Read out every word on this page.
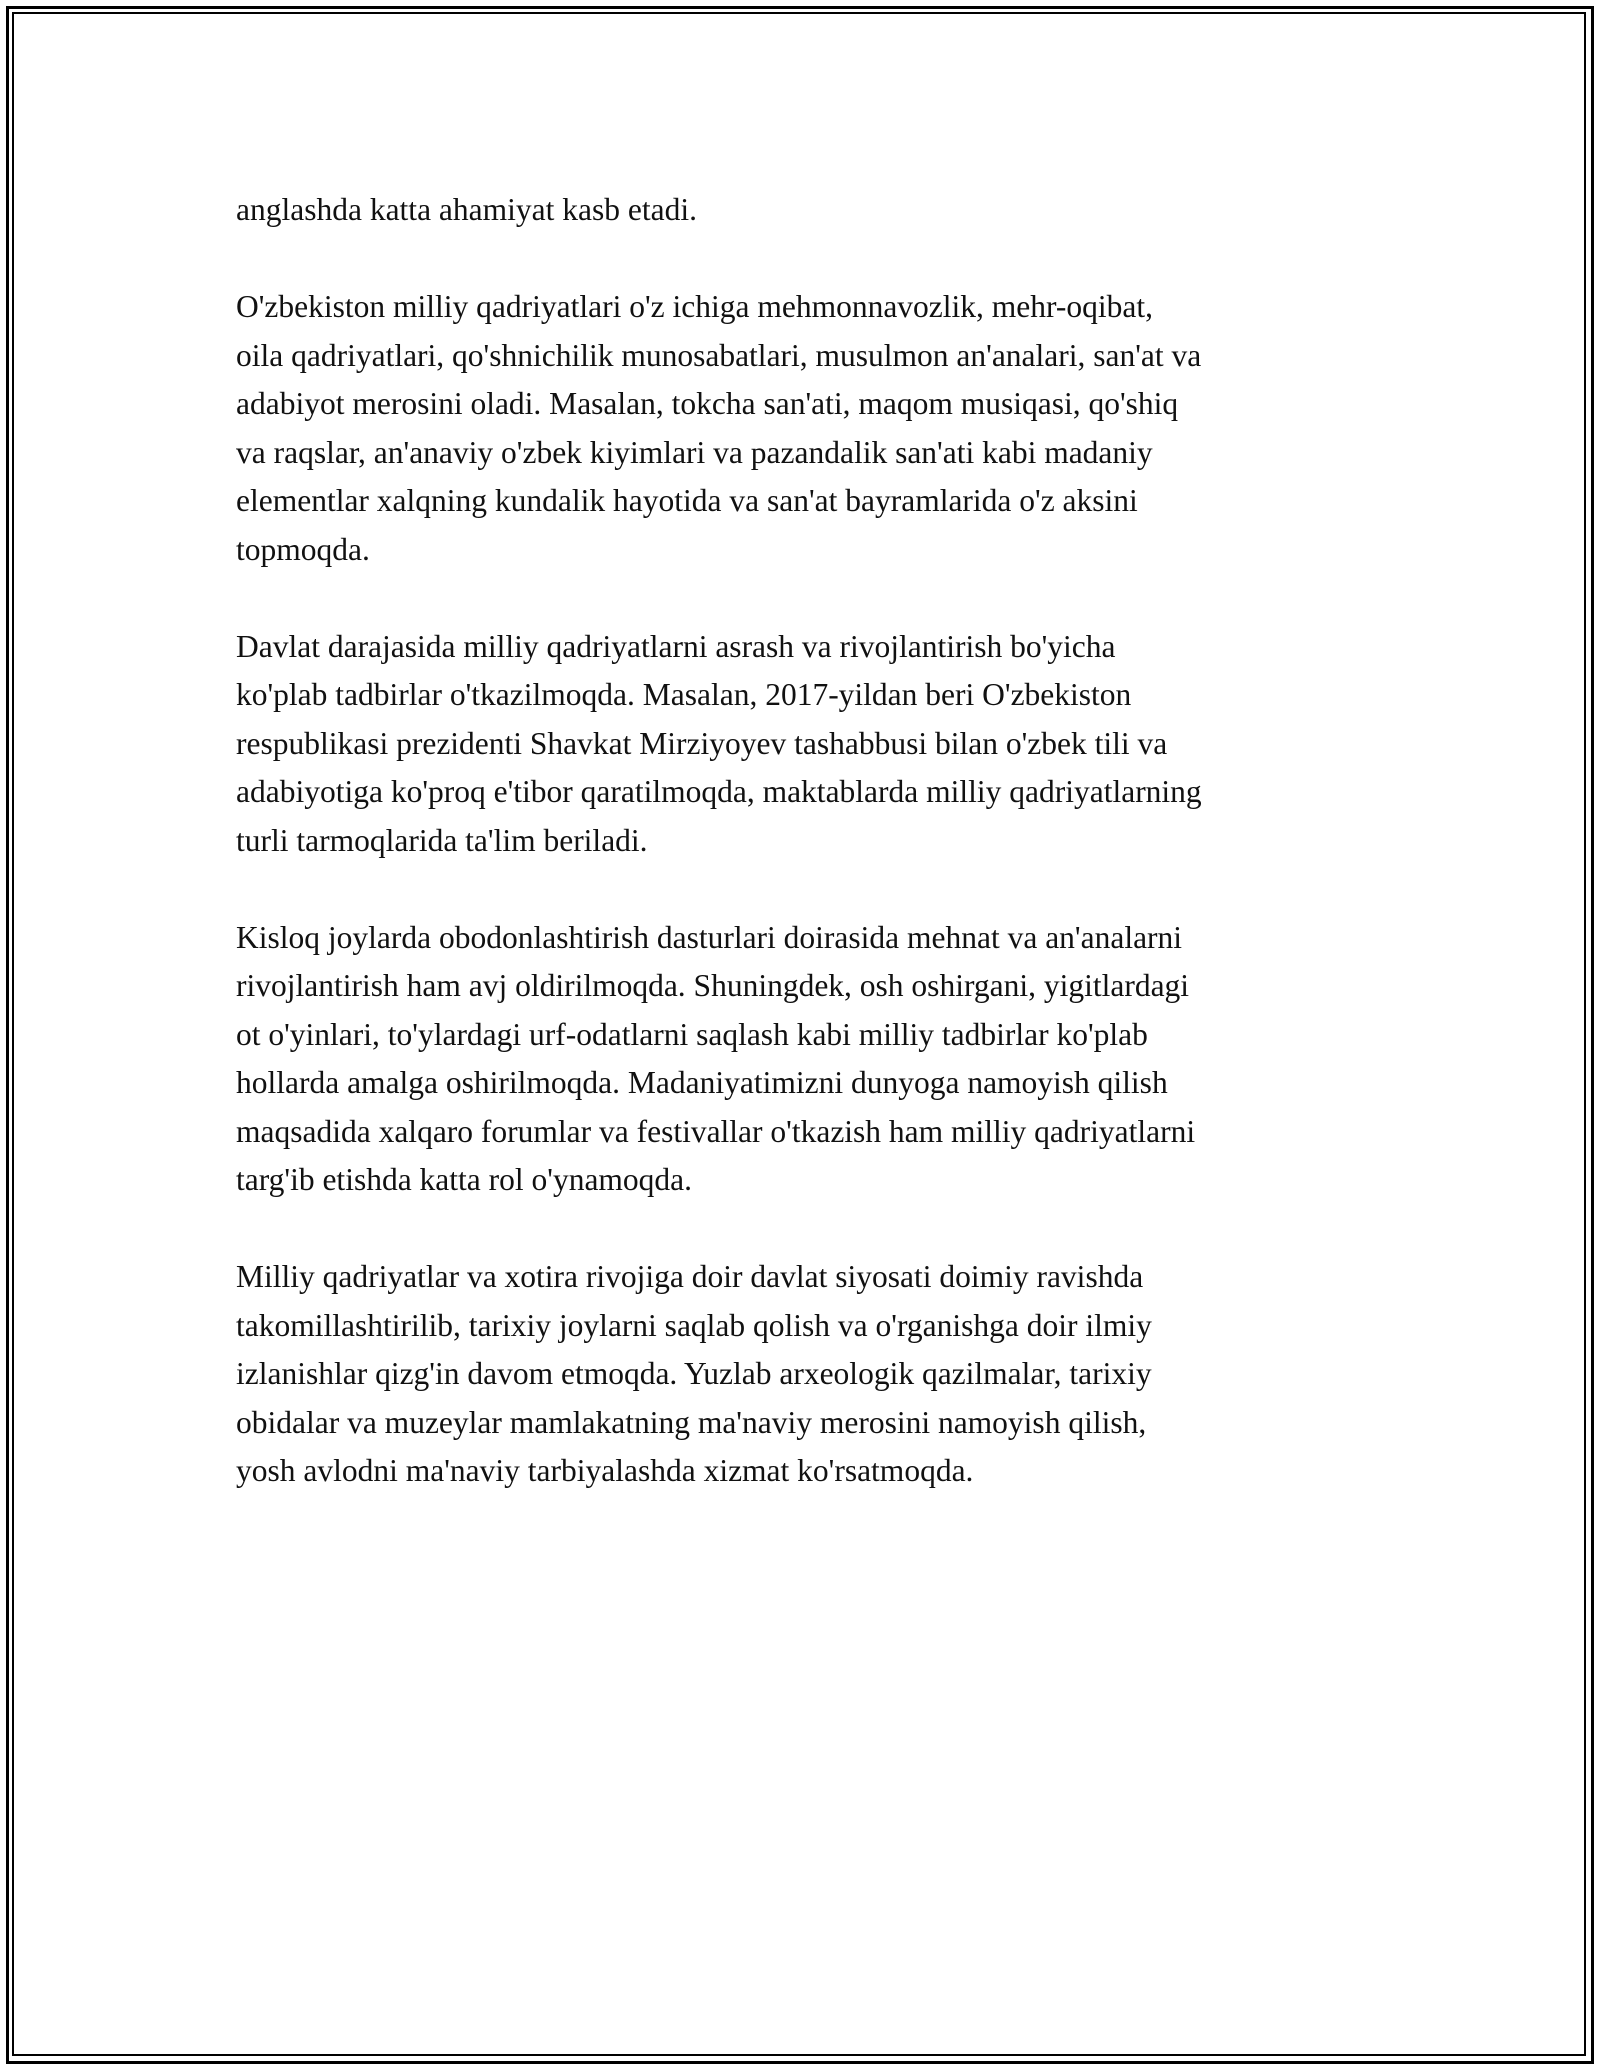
anglashda katta ahamiyat kasb etadi.

O'zbekiston milliy qadriyatlari o'z ichiga mehmonnavozlik, mehr-oqibat,
oila qadriyatlari, qo'shnichilik munosabatlari, musulmon an'analari, san'at va
adabiyot merosini oladi. Masalan, tokcha san'ati, maqom musiqasi, qo'shiq
va raqslar, an'anaviy o'zbek kiyimlari va pazandalik san'ati kabi madaniy
elementlar xalqning kundalik hayotida va san'at bayramlarida o'z aksini
topmoqda.

Davlat darajasida milliy qadriyatlarni asrash va rivojlantirish bo'yicha
ko'plab tadbirlar o'tkazilmoqda. Masalan, 2017-yildan beri O'zbekiston
respublikasi prezidenti Shavkat Mirziyoyev tashabbusi bilan o'zbek tili va
adabiyotiga ko'proq e'tibor qaratilmoqda, maktablarda milliy qadriyatlarning
turli tarmoqlarida ta'lim beriladi.

Kisloq joylarda obodonlashtirish dasturlari doirasida mehnat va an'analarni
rivojlantirish ham avj oldirilmoqda. Shuningdek, osh oshirgani, yigitlardagi
ot o'yinlari, to'ylardagi urf-odatlarni saqlash kabi milliy tadbirlar ko'plab
hollarda amalga oshirilmoqda. Madaniyatimizni dunyoga namoyish qilish
maqsadida xalqaro forumlar va festivallar o'tkazish ham milliy qadriyatlarni
targ'ib etishda katta rol o'ynamoqda.

Milliy qadriyatlar va xotira rivojiga doir davlat siyosati doimiy ravishda
takomillashtirilib, tarixiy joylarni saqlab qolish va o'rganishga doir ilmiy
izlanishlar qizg'in davom etmoqda. Yuzlab arxeologik qazilmalar, tarixiy
obidalar va muzeylar mamlakatning ma'naviy merosini namoyish qilish,
yosh avlodni ma'naviy tarbiyalashda xizmat ko'rsatmoqda.
